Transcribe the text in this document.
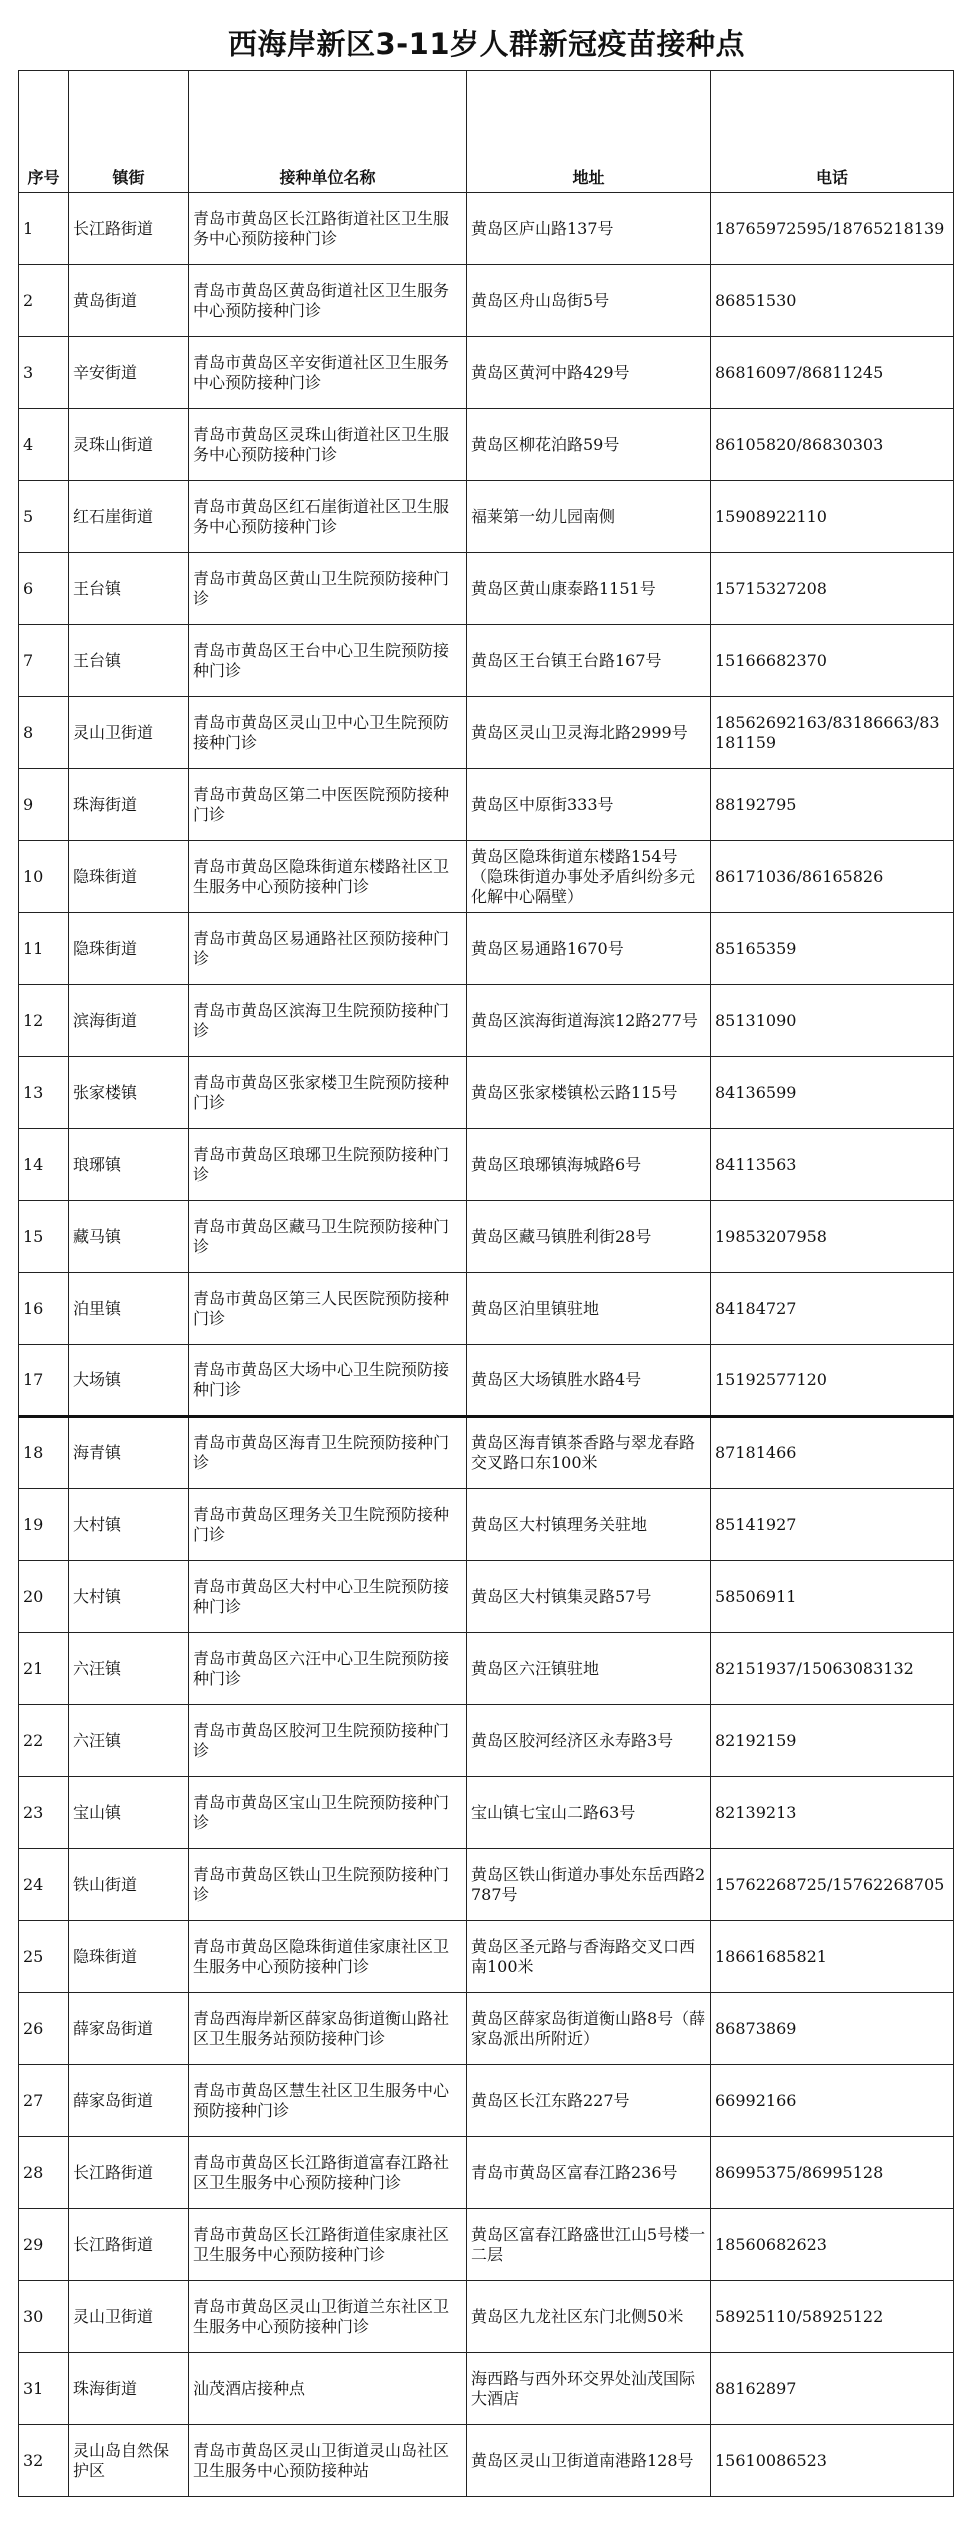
西海岸新区3-11岁人群新冠疫苗接种点
序号	镇街	接种单位名称	地址	电话
1	长江路街道	青岛市黄岛区长江路街道社区卫生服务中心预防接种门诊	黄岛区庐山路137号	18765972595/18765218139
2	黄岛街道	青岛市黄岛区黄岛街道社区卫生服务中心预防接种门诊	黄岛区舟山岛街5号	86851530
3	辛安街道	青岛市黄岛区辛安街道社区卫生服务中心预防接种门诊	黄岛区黄河中路429号	86816097/86811245
4	灵珠山街道	青岛市黄岛区灵珠山街道社区卫生服务中心预防接种门诊	黄岛区柳花泊路59号	86105820/86830303
5	红石崖街道	青岛市黄岛区红石崖街道社区卫生服务中心预防接种门诊	福莱第一幼儿园南侧	15908922110
6	王台镇	青岛市黄岛区黄山卫生院预防接种门诊	黄岛区黄山康泰路1151号	15715327208
7	王台镇	青岛市黄岛区王台中心卫生院预防接种门诊	黄岛区王台镇王台路167号	15166682370
8	灵山卫街道	青岛市黄岛区灵山卫中心卫生院预防接种门诊	黄岛区灵山卫灵海北路2999号	18562692163/83186663/83181159
9	珠海街道	青岛市黄岛区第二中医医院预防接种门诊	黄岛区中原街333号	88192795
10	隐珠街道	青岛市黄岛区隐珠街道东楼路社区卫生服务中心预防接种门诊	黄岛区隐珠街道东楼路154号（隐珠街道办事处矛盾纠纷多元化解中心隔壁）	86171036/86165826
11	隐珠街道	青岛市黄岛区易通路社区预防接种门诊	黄岛区易通路1670号	85165359
12	滨海街道	青岛市黄岛区滨海卫生院预防接种门诊	黄岛区滨海街道海滨12路277号	85131090
13	张家楼镇	青岛市黄岛区张家楼卫生院预防接种门诊	黄岛区张家楼镇松云路115号	84136599
14	琅琊镇	青岛市黄岛区琅琊卫生院预防接种门诊	黄岛区琅琊镇海城路6号	84113563
15	藏马镇	青岛市黄岛区藏马卫生院预防接种门诊	黄岛区藏马镇胜利街28号	19853207958
16	泊里镇	青岛市黄岛区第三人民医院预防接种门诊	黄岛区泊里镇驻地	84184727
17	大场镇	青岛市黄岛区大场中心卫生院预防接种门诊	黄岛区大场镇胜水路4号	15192577120
18	海青镇	青岛市黄岛区海青卫生院预防接种门诊	黄岛区海青镇茶香路与翠龙春路交叉路口东100米	87181466
19	大村镇	青岛市黄岛区理务关卫生院预防接种门诊	黄岛区大村镇理务关驻地	85141927
20	大村镇	青岛市黄岛区大村中心卫生院预防接种门诊	黄岛区大村镇集灵路57号	58506911
21	六汪镇	青岛市黄岛区六汪中心卫生院预防接种门诊	黄岛区六汪镇驻地	82151937/15063083132
22	六汪镇	青岛市黄岛区胶河卫生院预防接种门诊	黄岛区胶河经济区永寿路3号	82192159
23	宝山镇	青岛市黄岛区宝山卫生院预防接种门诊	宝山镇七宝山二路63号	82139213
24	铁山街道	青岛市黄岛区铁山卫生院预防接种门诊	黄岛区铁山街道办事处东岳西路2787号	15762268725/15762268705
25	隐珠街道	青岛市黄岛区隐珠街道佳家康社区卫生服务中心预防接种门诊	黄岛区圣元路与香海路交叉口西南100米	18661685821
26	薛家岛街道	青岛西海岸新区薛家岛街道衡山路社区卫生服务站预防接种门诊	黄岛区薛家岛街道衡山路8号（薛家岛派出所附近）	86873869
27	薛家岛街道	青岛市黄岛区慧生社区卫生服务中心预防接种门诊	黄岛区长江东路227号	66992166
28	长江路街道	青岛市黄岛区长江路街道富春江路社区卫生服务中心预防接种门诊	青岛市黄岛区富春江路236号	86995375/86995128
29	长江路街道	青岛市黄岛区长江路街道佳家康社区卫生服务中心预防接种门诊	黄岛区富春江路盛世江山5号楼一二层	18560682623
30	灵山卫街道	青岛市黄岛区灵山卫街道兰东社区卫生服务中心预防接种门诊	黄岛区九龙社区东门北侧50米	58925110/58925122
31	珠海街道	汕茂酒店接种点	海西路与西外环交界处汕茂国际大酒店	88162897
32	灵山岛自然保护区	青岛市黄岛区灵山卫街道灵山岛社区卫生服务中心预防接种站	黄岛区灵山卫街道南港路128号	15610086523
